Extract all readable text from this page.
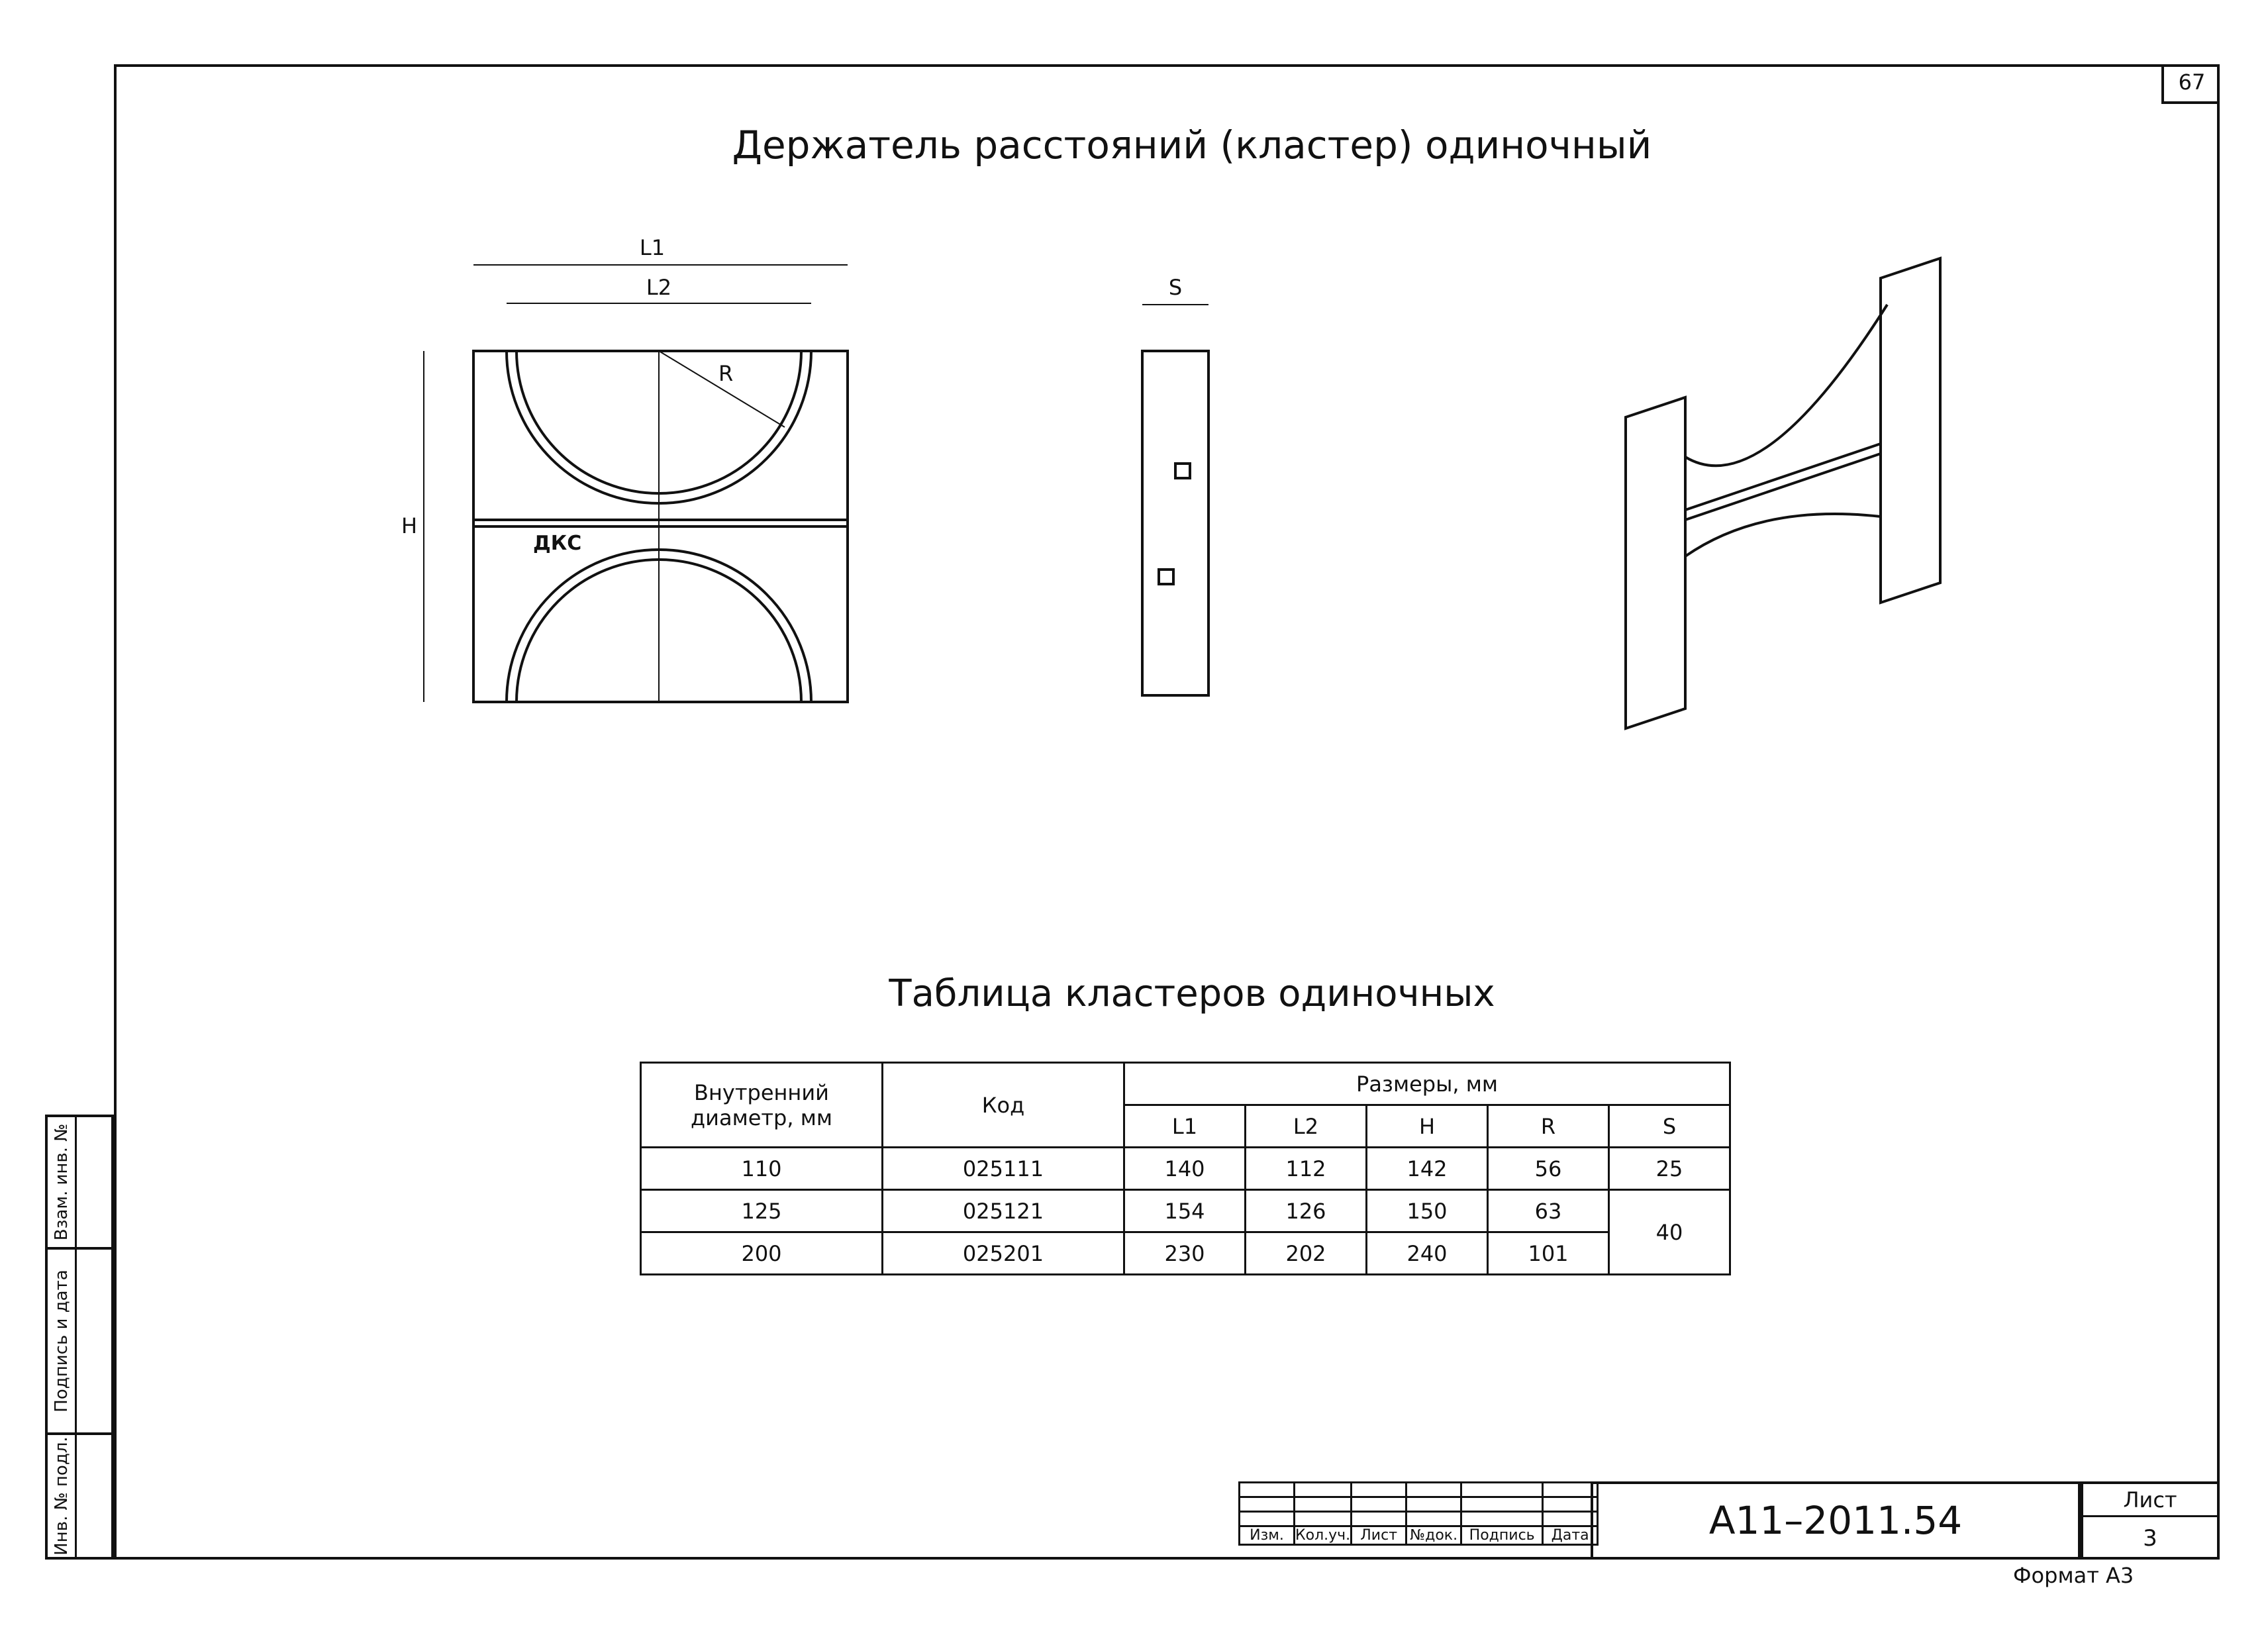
67
Держатель расстояний (кластер) одиночный
L1
L2
R
H
ДКС
S
Таблица кластеров одиночных
Внутренний диаметр, мм	Код	Размеры, мм				
		L1	L2	H	R	S
110	025111	140	112	142	56	25
125	025121	154	126	150	63	40
200	025201	230	202	240	101	
Взам. инв. №
Подпись и дата
Инв. № подл.

						Изм.	Кол.уч.	Лист	№док.	Подпись	Дата	А11–2011.54	Лист
3
Формат А3
